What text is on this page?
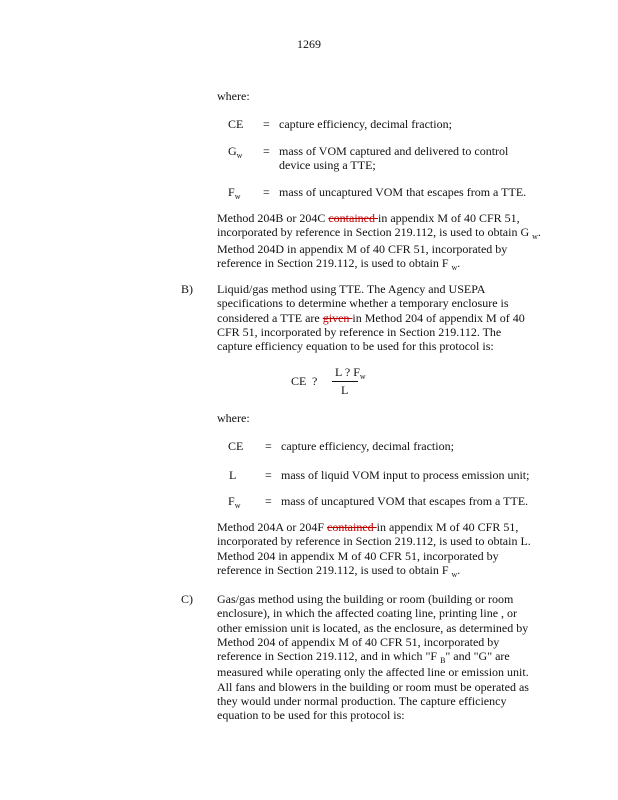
1269
where:
CE = capture efficiency, decimal fraction;
$G_w$ = mass of VOM captured and delivered to control
device using a TTE;
$F_w$ = mass of uncaptured VOM that escapes from a TTE.
Method 204B or 204C contained in appendix M of 40 CFR 51,
incorporated by reference in Section 219.112, is used to obtain G $_w$.
Method 204D in appendix M of 40 CFR 51, incorporated by
reference in Section 219.112, is used to obtain F $_w$.
B) Liquid/gas method using TTE. The Agency and USEPA
specifications to determine whether a temporary enclosure is
considered a TTE are given in Method 204 of appendix M of 40
CFR 51, incorporated by reference in Section 219.112. The
capture efficiency equation to be used for this protocol is:
CE ?
L ? $F_w$
L
where:
CE = capture efficiency, decimal fraction;
L = mass of liquid VOM input to process emission unit;
$F_w$ = mass of uncaptured VOM that escapes from a TTE.
Method 204A or 204F contained in appendix M of 40 CFR 51,
incorporated by reference in Section 219.112, is used to obtain L.
Method 204 in appendix M of 40 CFR 51, incorporated by
reference in Section 219.112, is used to obtain F $_w$.
C) Gas/gas method using the building or room (building or room
enclosure), in which the affected coating line, printing line , or
other emission unit is located, as the enclosure, as determined by
Method 204 of appendix M of 40 CFR 51, incorporated by
reference in Section 219.112, and in which "F $_B$" and "G" are
measured while operating only the affected line or emission unit.
All fans and blowers in the building or room must be operated as
they would under normal production. The capture efficiency
equation to be used for this protocol is:
